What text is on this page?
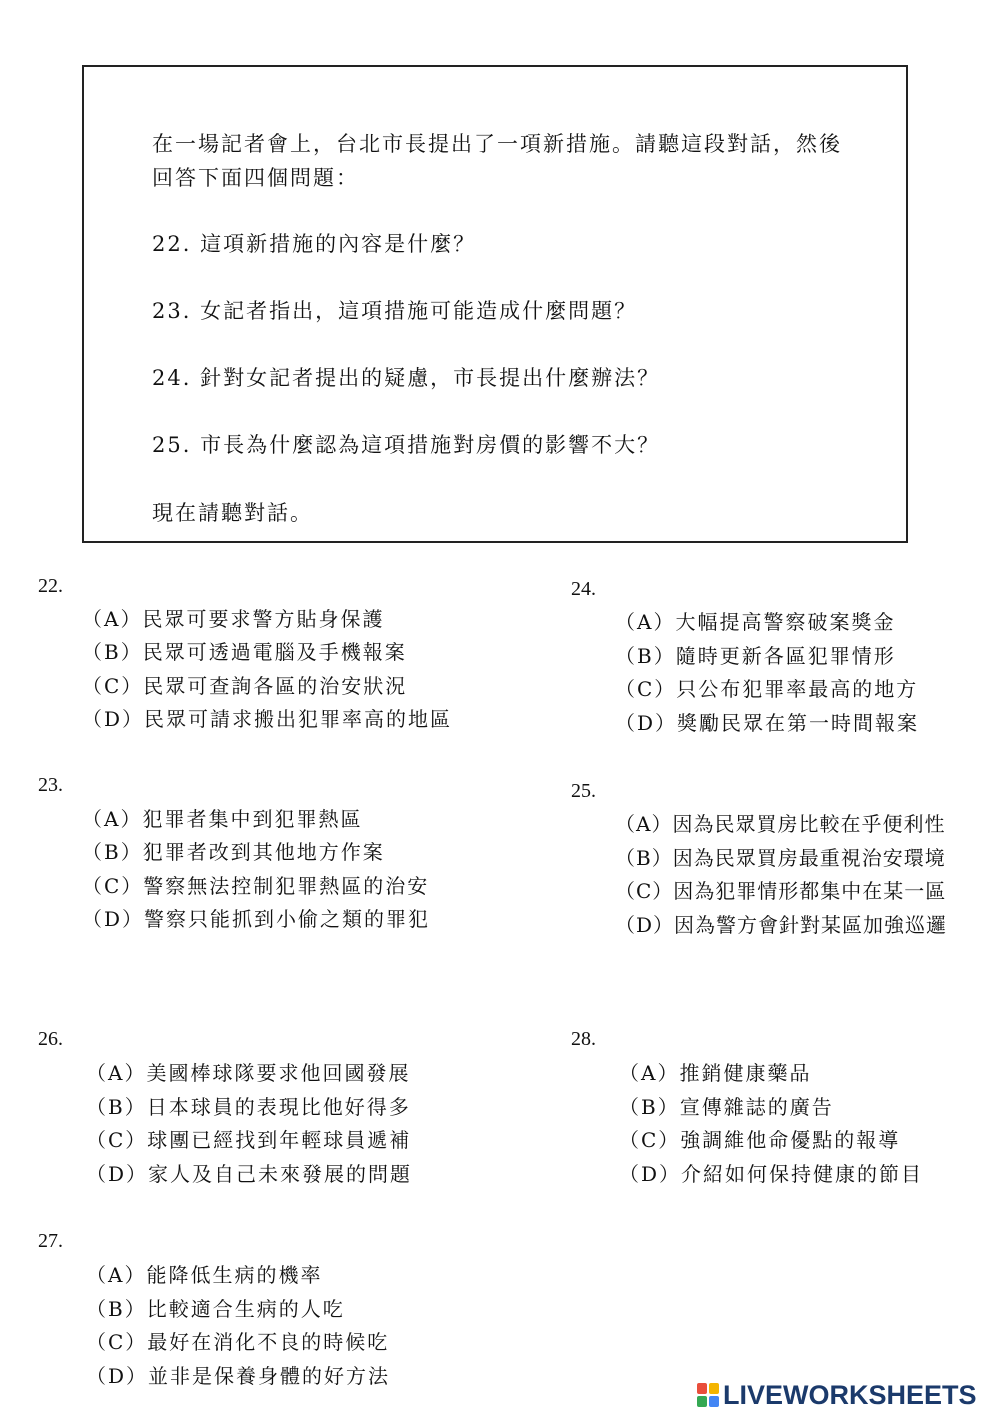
在一場記者會上，台北市長提出了一項新措施。請聽這段對話，然後
回答下面四個問題：
22. 這項新措施的內容是什麼？
23. 女記者指出，這項措施可能造成什麼問題？
24. 針對女記者提出的疑慮，市長提出什麼辦法？
25. 市長為什麼認為這項措施對房價的影響不大？
現在請聽對話。
22.
（A）民眾可要求警方貼身保護
（B）民眾可透過電腦及手機報案
（C）民眾可查詢各區的治安狀況
（D）民眾可請求搬出犯罪率高的地區
23.
（A）犯罪者集中到犯罪熱區
（B）犯罪者改到其他地方作案
（C）警察無法控制犯罪熱區的治安
（D）警察只能抓到小偷之類的罪犯
24.
（A）大幅提高警察破案獎金
（B）隨時更新各區犯罪情形
（C）只公布犯罪率最高的地方
（D）獎勵民眾在第一時間報案
25.
（A）因為民眾買房比較在乎便利性
（B）因為民眾買房最重視治安環境
（C）因為犯罪情形都集中在某一區
（D）因為警方會針對某區加強巡邏
26.
（A）美國棒球隊要求他回國發展
（B）日本球員的表現比他好得多
（C）球團已經找到年輕球員遞補
（D）家人及自己未來發展的問題
27.
（A）能降低生病的機率
（B）比較適合生病的人吃
（C）最好在消化不良的時候吃
（D）並非是保養身體的好方法
28.
（A）推銷健康藥品
（B）宣傳雜誌的廣告
（C）強調維他命優點的報導
（D）介紹如何保持健康的節目
LIVEWORKSHEETS
